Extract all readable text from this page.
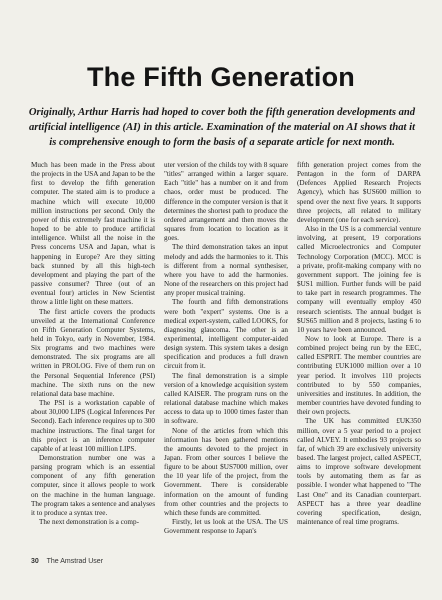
The Fifth Generation

Originally, Arthur Harris had hoped to cover both the fifth generation developments and artificial intelligence (AI) in this article. Examination of the material on AI shows that it is comprehensive enough to form the basis of a separate article for next month.

Much has been made in the Press about the projects in the USA and Japan to be the first to develop the fifth generation computer. The stated aim is to produce a machine which will execute 10,000 million instructions per second. Only the power of this extremely fast machine it is hoped to be able to produce artificial intelligence. Whilst all the noise in the Press concerns USA and Japan, what is happening in Europe? Are they sitting back stunned by all this high-tech development and playing the part of the passive consumer? Three (out of an eventual four) articles in New Scientist throw a little light on these matters.

The first article covers the products unveiled at the International Conference on Fifth Generation Computer Systems, held in Tokyo, early in November, 1984. Six programs and two machines were demonstrated. The six programs are all written in PROLOG. Five of them run on the Personal Sequential Inference (PSI) machine. The sixth runs on the new relational data base machine.

The PSI is a workstation capable of about 30,000 LIPS (Logical Inferences Per Second). Each inference requires up to 300 machine instructions. The final target for this project is an inference computer capable of at least 100 million LIPS.

Demonstration number one was a parsing program which is an essential component of any fifth generation computer, since it allows people to work on the machine in the human language. The program takes a sentence and analyses it to produce a syntax tree.

The next demonstration is a comp-

uter version of the childs toy with 8 square "titles" arranged within a larger square. Each "title" has a number on it and from chaos, order must be produced. The difference in the computer version is that it determines the shortest path to produce the ordered arrangement and then moves the squares from location to location as it goes.

The third demonstration takes an input melody and adds the harmonies to it. This is different from a normal synthesiser, where you have to add the harmonies. None of the researchers on this project had any proper musical training.

The fourth and fifth demonstrations were both "expert" systems. One is a medical expert-system, called LOOKS, for diagnosing glaucoma. The other is an experimental, intelligent computer-aided design system. This system takes a design specification and produces a full drawn circuit from it.

The final demonstration is a simple version of a knowledge acquisition system called KAISER. The program runs on the relational database machine which makes access to data up to 1000 times faster than in software.

None of the articles from which this information has been gathered mentions the amounts devoted to the project in Japan. From other sources I believe the figure to be about $US7000 million, over the 10 year life of the project, from the Government. There is considerable information on the amount of funding from other countries and the projects to which these funds are committed.

Firstly, let us look at the USA. The US Government response to Japan's

fifth generation project comes from the Pentagon in the form of DARPA (Defences Applied Research Projects Agency), which has $US600 million to spend over the next five years. It supports three projects, all related to military development (one for each service).

Also in the US is a commercial venture involving, at present, 19 corporations called Microelectronics and Computer Technology Corporation (MCC). MCC is a private, profit-making company with no government support. The joining fee is $US1 million. Further funds will be paid to take part in research programmes. The company will eventually employ 450 research scientists. The annual budget is $US65 million and 8 projects, lasting 6 to 10 years have been announced.

Now to look at Europe. There is a combined project being run by the EEC, called ESPRIT. The member countries are contributing £UK1000 million over a 10 year period. It involves 110 projects contributed to by 550 companies, universities and institutes. In addition, the member countries have devoted funding to their own projects.

The UK has committed £UK350 million, over a 5 year period to a project called ALVEY. It embodies 93 projects so far, of which 39 are exclusively university based. The largest project, called ASPECT, aims to improve software development tools by automating them as far as possible. I wonder what happened to "The Last One" and its Canadian counterpart. ASPECT has a three year deadline covering specification, design, maintenance of real time programs.

30 The Amstrad User
